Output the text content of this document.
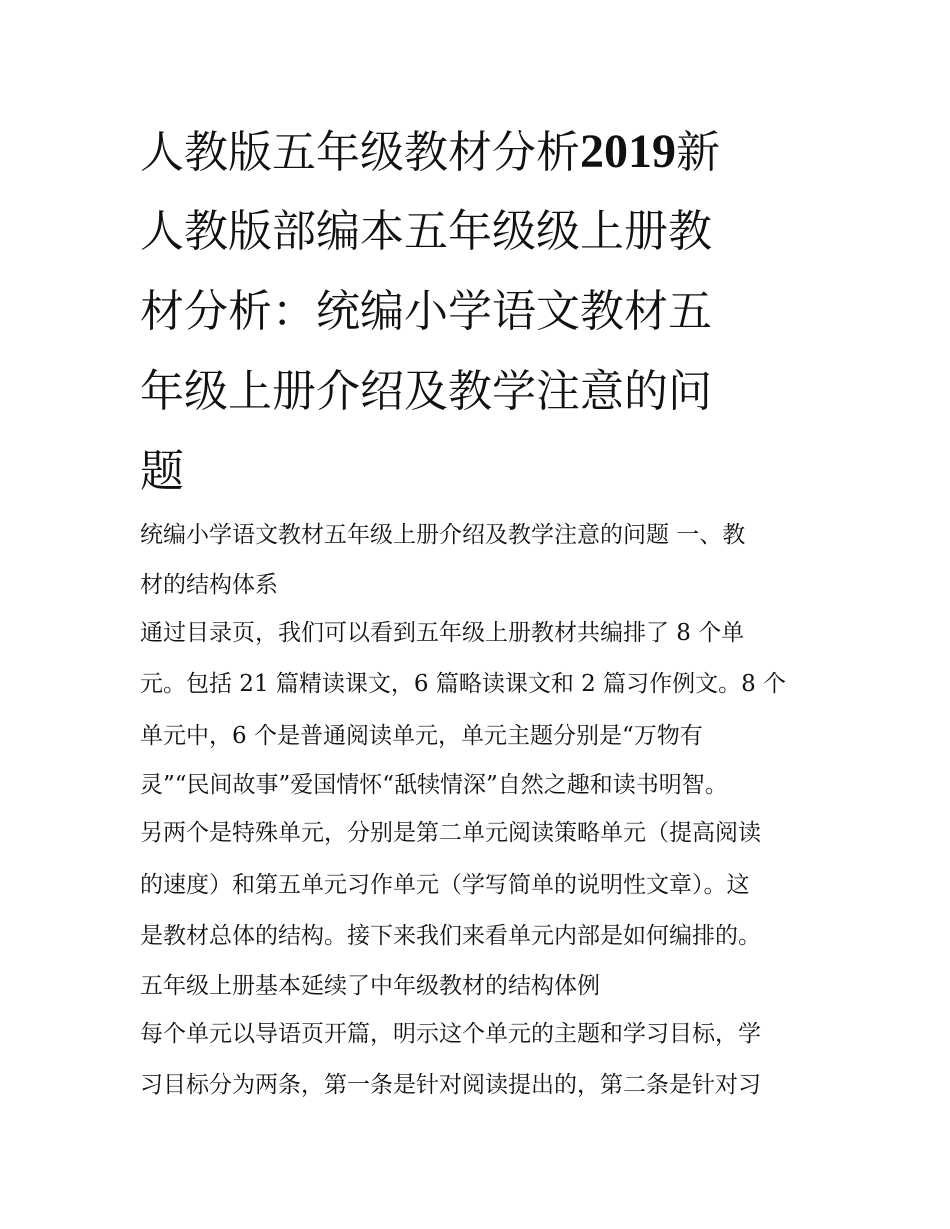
人教版五年级教材分析2019新
人教版部编本五年级级上册教
材分析：统编小学语文教材五
年级上册介绍及教学注意的问
题
统编小学语文教材五年级上册介绍及教学注意的问题 一、教
材的结构体系
通过目录页，我们可以看到五年级上册教材共编排了 8 个单
元。包括 21 篇精读课文，6 篇略读课文和 2 篇习作例文。8 个
单元中，6 个是普通阅读单元，单元主题分别是“万物有
灵”“民间故事”爱国情怀“舐犊情深”自然之趣和读书明智。
另两个是特殊单元，分别是第二单元阅读策略单元（提高阅读
的速度）和第五单元习作单元（学写简单的说明性文章）。这
是教材总体的结构。接下来我们来看单元内部是如何编排的。
五年级上册基本延续了中年级教材的结构体例
每个单元以导语页开篇，明示这个单元的主题和学习目标，学
习目标分为两条，第一条是针对阅读提出的，第二条是针对习
